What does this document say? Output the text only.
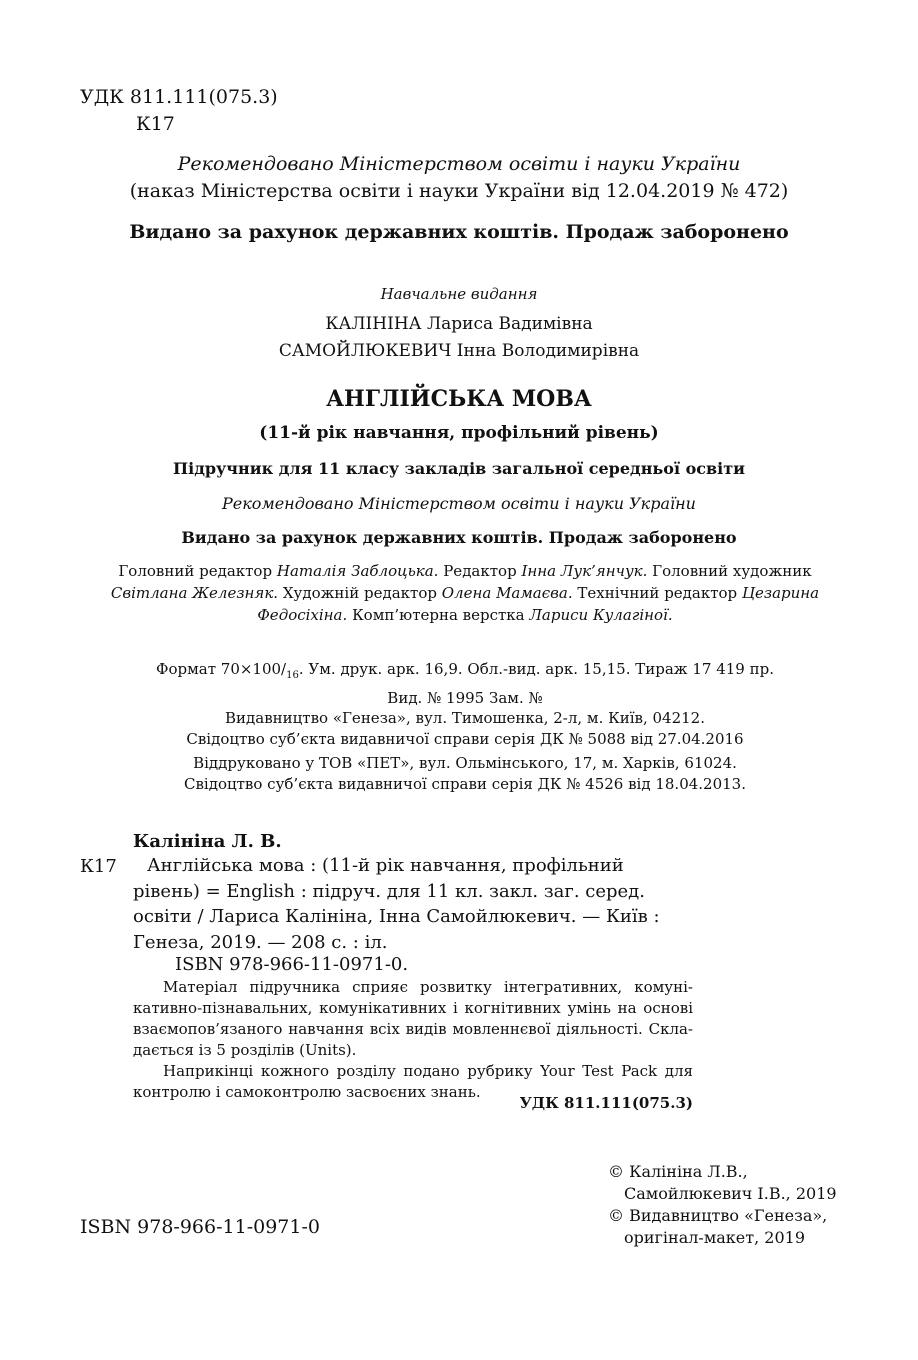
УДК 811.111(075.3)
К17
Рекомендовано Міністерством освіти і науки України
(наказ Міністерства освіти і науки України від 12.04.2019 № 472)
Видано за рахунок державних коштів. Продаж заборонено
Навчальне видання
КАЛІНІНА Лариса Вадимівна
САМОЙЛЮКЕВИЧ Інна Володимирівна
АНГЛІЙСЬКА МОВА
(11-й рік навчання, профільний рівень)
Підручник для 11 класу закладів загальної середньої освіти
Рекомендовано Міністерством освіти і науки України
Видано за рахунок державних коштів. Продаж заборонено
Головний редактор Наталія Заблоцька. Редактор Інна Лук’янчук. Головний художник Світлана Железняк. Художній редактор Олена Мамаєва. Технічний редактор Цезарина Федосіхіна. Комп’ютерна верстка Лариси Кулагіної.
Формат $70\times 100/_{16}$. Ум. друк. арк. 16,9. Обл.-вид. арк. 15,15. Тираж 17 419 пр.
Вид. № 1995 Зам. №
Видавництво «Генеза», вул. Тимошенка, 2-л, м. Київ, 04212.
Свідоцтво суб’єкта видавничої справи серія ДК № 5088 від 27.04.2016
Віддруковано у ТОВ «ПЕТ», вул. Ольмінського, 17, м. Харків, 61024.
Свідоцтво суб’єкта видавничої справи серія ДК № 4526 від 18.04.2013.
Калініна Л. В.
К17	Англійська мова : (11-й рік навчання, профільний
рівень) = English : підруч. для 11 кл. закл. заг. серед.
освіти / Лариса Калініна, Інна Самойлюкевич. — Київ :
Генеза, 2019. — 208 с. : іл.
ISBN 978-966-11-0971-0.

Матеріал підручника сприяє розвитку інтегративних, комуні-кативно-пізнавальних, комунікативних і когнітивних умінь на основі взаємопов’язаного навчання всіх видів мовленнєвої діяльності. Скла-дається із 5 розділів (Units).

Наприкінці кожного розділу подано рубрику Your Test Pack для контролю і самоконтролю засвоєних знань.

УДК 811.111(075.3)
© Калініна Л.В.,
Самойлюкевич І.В., 2019
© Видавництво «Генеза»,
оригінал-макет, 2019
ISBN 978-966-11-0971-0
